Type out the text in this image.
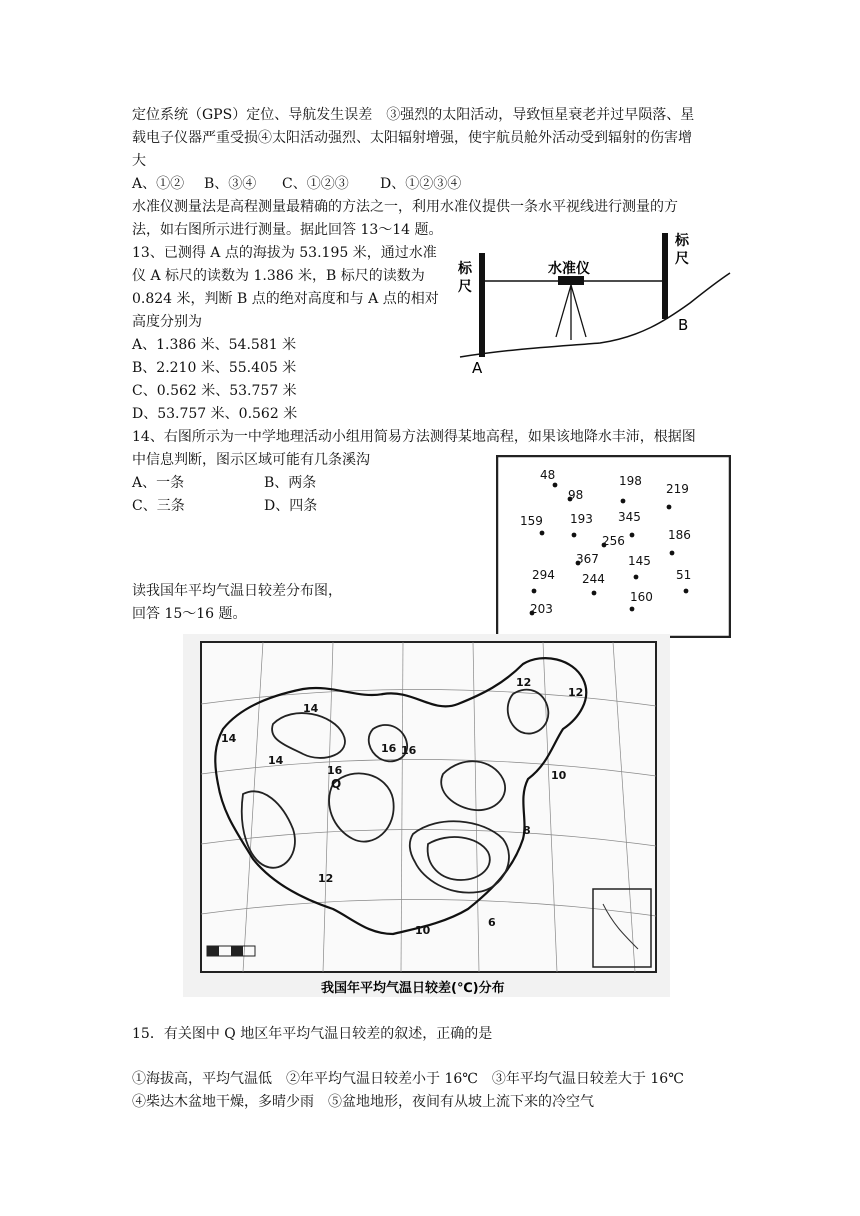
定位系统（GPS）定位、导航发生误差　③强烈的太阳活动，导致恒星衰老并过早陨落、星
载电子仪器严重受损④太阳活动强烈、太阳辐射增强，使宇航员舱外活动受到辐射的伤害增
大
A、①② B、③④ C、①②③ D、①②③④
水准仪测量法是高程测量最精确的方法之一，利用水准仪提供一条水平视线进行测量的方
法，如右图所示进行测量。据此回答 13～14 题。
13、已测得 A 点的海拔为 53.195 米，通过水准
仪 A 标尺的读数为 1.386 米，B 标尺的读数为
0.824 米，判断 B 点的绝对高度和与 A 点的相对
高度分别为
A、1.386 米、54.581 米
B、2.210 米、55.405 米
C、0.562 米、53.757 米
D、53.757 米、0.562 米
水准仪
标
尺
标
尺
A
B
14、右图所示为一中学地理活动小组用简易方法测得某地高程，如果该地降水丰沛，根据图
中信息判断，图示区域可能有几条溪沟
A、一条	B、两条
C、三条	D、四条
48
98
198
219
159 193 345
256	186
367 145
294 244	51
160
203
读我国年平均气温日较差分布图，
回答 15～16 题。
14
14
16 16
16
Q
12
12
10
8
10
6
12
14
我国年平均气温日较差(℃)分布
15．有关图中 Q 地区年平均气温日较差的叙述，正确的是
①海拔高，平均气温低　②年平均气温日较差小于 16℃　③年平均气温日较差大于 16℃
④柴达木盆地干燥，多晴少雨　⑤盆地地形，夜间有从坡上流下来的冷空气
